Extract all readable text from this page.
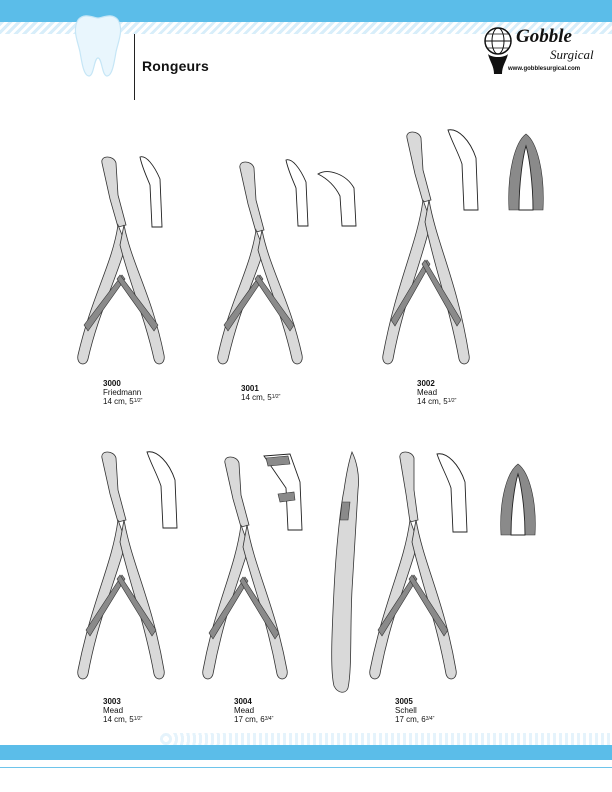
Rongeurs
Gobble
Surgical
www.gobblesurgical.com
3000
Friedmann
14 cm, $5^{1/2"}$
3001
14 cm, $5^{1/2"}$
3002
Mead
14 cm, $5^{1/2"}$
3003
Mead
14 cm, $5^{1/2"}$
3004
Mead
17 cm, $6^{3/4"}$
3005
Schell
17 cm, $6^{3/4"}$
